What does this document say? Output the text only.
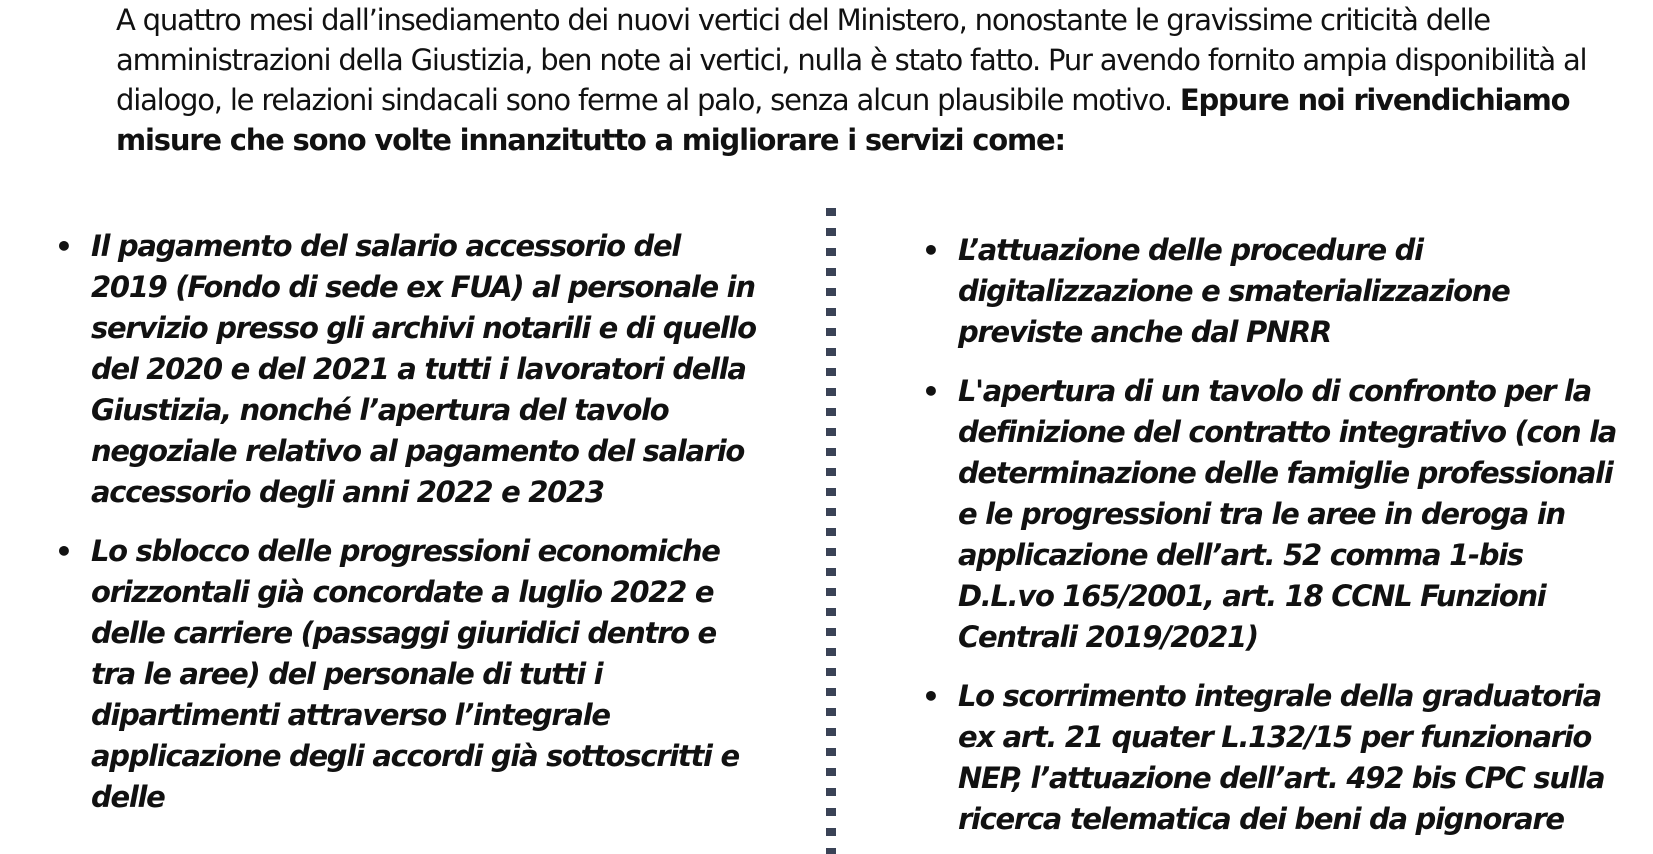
A quattro mesi dall’insediamento dei nuovi vertici del Ministero, nonostante le gravissime criticità delle amministrazioni della Giustizia, ben note ai vertici, nulla è stato fatto. Pur avendo fornito ampia disponibilità al dialogo, le relazioni sindacali sono ferme al palo, senza alcun plausibile motivo. Eppure noi rivendichiamo misure che sono volte innanzitutto a migliorare i servizi come:

• Il pagamento del salario accessorio del 2019 (Fondo di sede ex FUA) al personale in servizio presso gli archivi notarili e di quello del 2020 e del 2021 a tutti i lavoratori della Giustizia, nonché l’apertura del tavolo negoziale relativo al pagamento del salario accessorio degli anni 2022 e 2023
• Lo sblocco delle progressioni economiche orizzontali già concordate a luglio 2022 e delle carriere (passaggi giuridici dentro e tra le aree) del personale di tutti i dipartimenti attraverso l’integrale applicazione degli accordi già sottoscritti e delle
• L’attuazione delle procedure di digitalizzazione e smaterializzazione previste anche dal PNRR
• L'apertura di un tavolo di confronto per la definizione del contratto integrativo (con la determinazione delle famiglie professionali e le progressioni tra le aree in deroga in applicazione dell’art. 52 comma 1-bis D.L.vo 165/2001, art. 18 CCNL Funzioni Centrali 2019/2021)
• Lo scorrimento integrale della graduatoria ex art. 21 quater L.132/15 per funzionario NEP, l’attuazione dell’art. 492 bis CPC sulla ricerca telematica dei beni da pignorare
